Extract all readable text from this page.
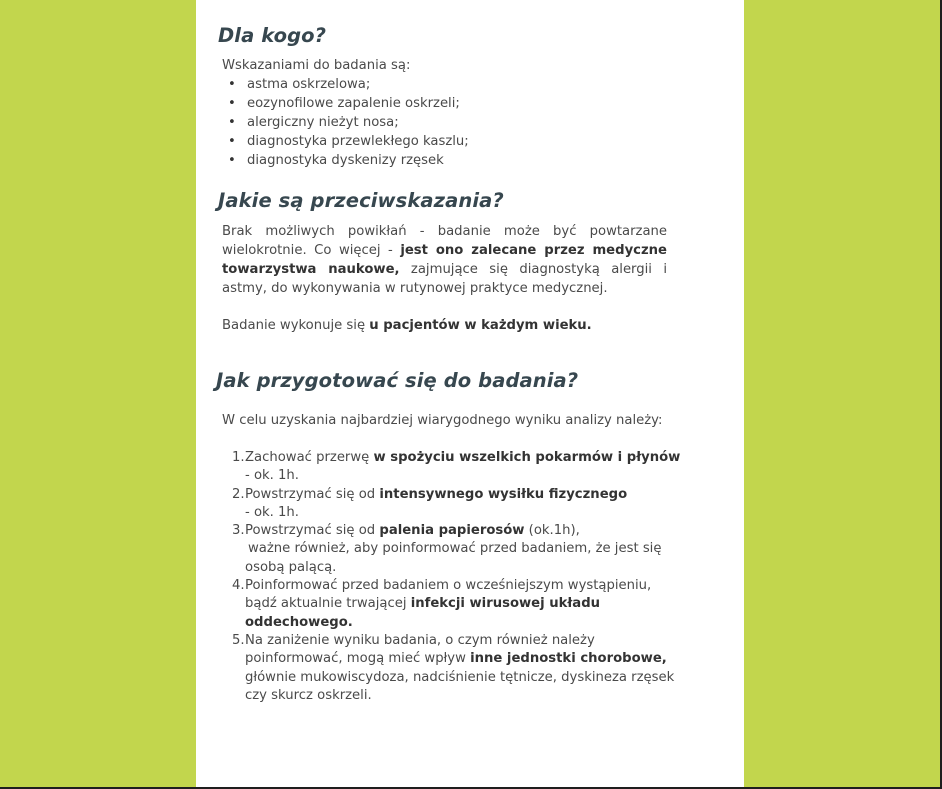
Dla kogo?
Wskazaniami do badania są:
• astma oskrzelowa;
• eozynofilowe zapalenie oskrzeli;
• alergiczny nieżyt nosa;
• diagnostyka przewlekłego kaszlu;
• diagnostyka dyskenizy rzęsek
Jakie są przeciwskazania?
Brak możliwych powikłań - badanie może być powtarzane wielokrotnie. Co więcej - jest ono zalecane przez medyczne towarzystwa naukowe, zajmujące się diagnostyką alergii i astmy, do wykonywania w rutynowej praktyce medycznej.
Badanie wykonuje się u pacjentów w każdym wieku.
Jak przygotować się do badania?
W celu uzyskania najbardziej wiarygodnego wyniku analizy należy:
1. Zachować przerwę w spożyciu wszelkich pokarmów i płynów
- ok. 1h.
2. Powstrzymać się od intensywnego wysiłku fizycznego
- ok. 1h.
3. Powstrzymać się od palenia papierosów (ok.1h),
ważne również, aby poinformować przed badaniem, że jest się
osobą palącą.
4. Poinformować przed badaniem o wcześniejszym wystąpieniu,
bądź aktualnie trwającej infekcji wirusowej układu
oddechowego.
5. Na zaniżenie wyniku badania, o czym również należy
poinformować, mogą mieć wpływ inne jednostki chorobowe,
głównie mukowiscydoza, nadciśnienie tętnicze, dyskineza rzęsek
czy skurcz oskrzeli.
